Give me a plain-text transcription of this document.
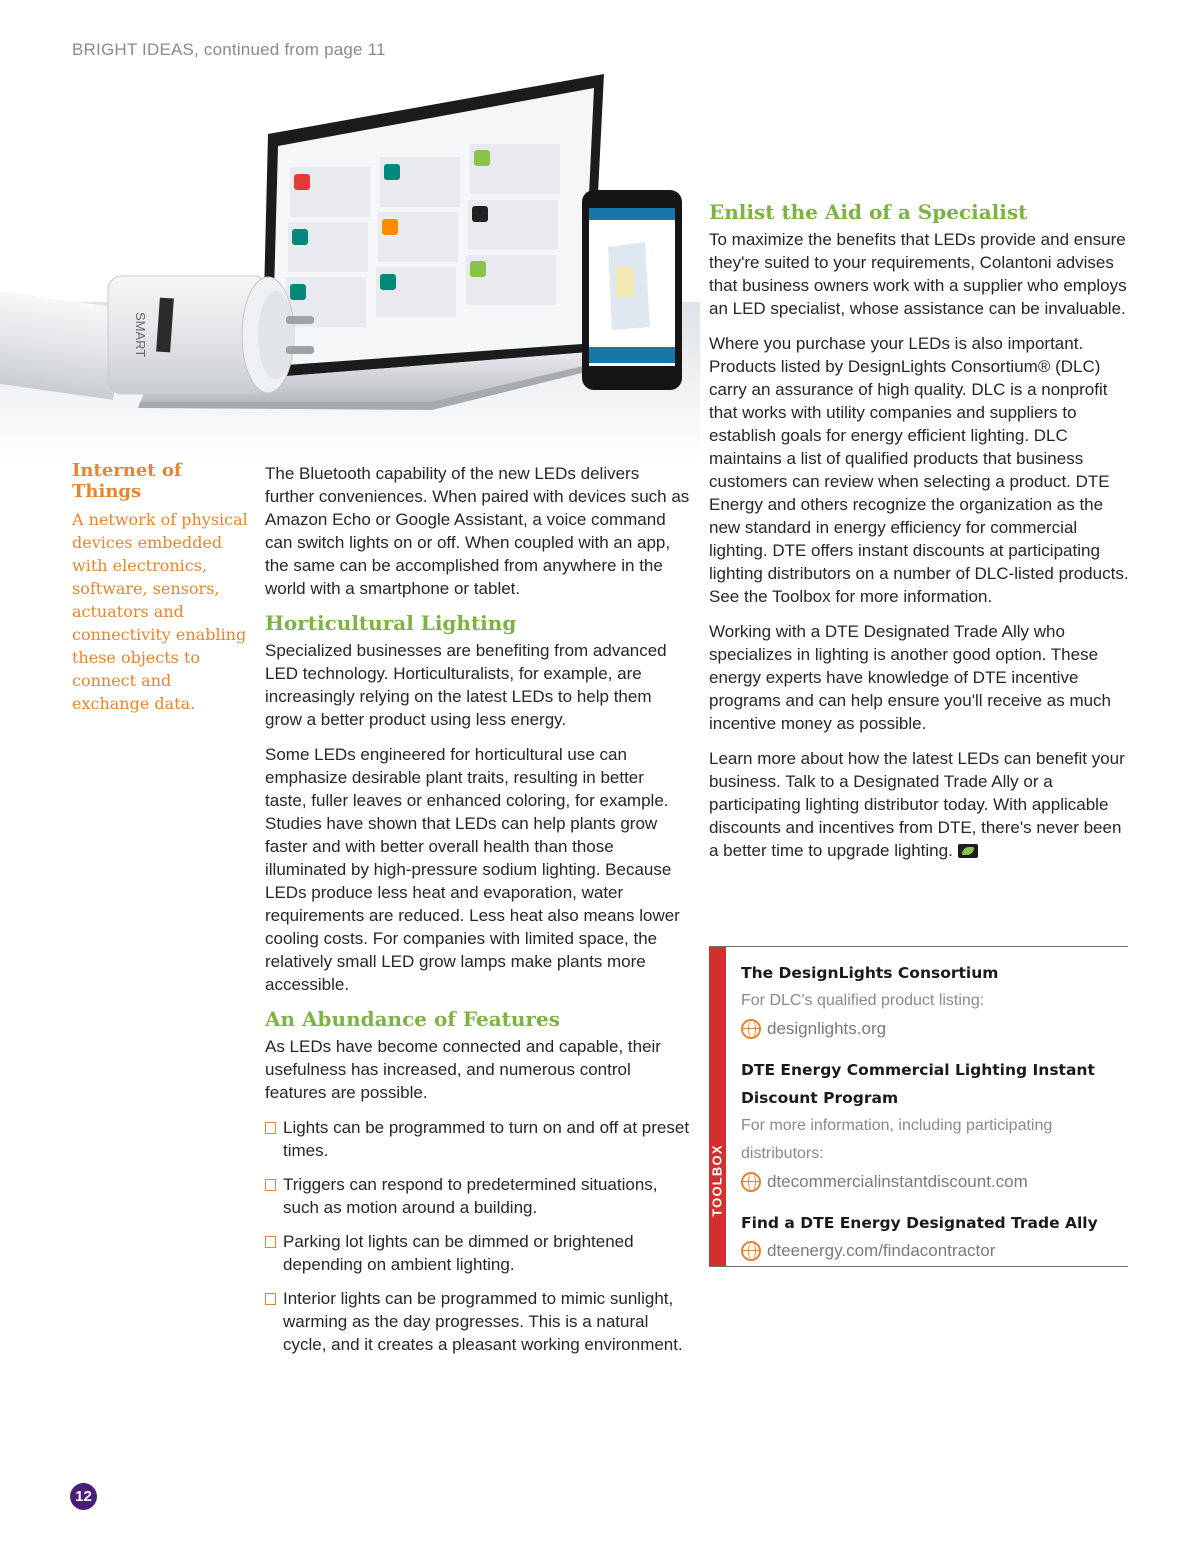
BRIGHT IDEAS, continued from page 11
SMART
Internet of Things

A network of physical devices embedded with electronics, software, sensors, actuators and connectivity enabling these objects to connect and exchange data.

The Bluetooth capability of the new LEDs delivers further conveniences. When paired with devices such as Amazon Echo or Google Assistant, a voice command can switch lights on or off. When coupled with an app, the same can be accomplished from anywhere in the world with a smartphone or tablet.

Horticultural Lighting

Specialized businesses are benefiting from advanced LED technology. Horticulturalists, for example, are increasingly relying on the latest LEDs to help them grow a better product using less energy.

Some LEDs engineered for horticultural use can emphasize desirable plant traits, resulting in better taste, fuller leaves or enhanced coloring, for example. Studies have shown that LEDs can help plants grow faster and with better overall health than those illuminated by high-pressure sodium lighting. Because LEDs produce less heat and evaporation, water requirements are reduced. Less heat also means lower cooling costs. For companies with limited space, the relatively small LED grow lamps make plants more accessible.

An Abundance of Features

As LEDs have become connected and capable, their usefulness has increased, and numerous control features are possible.

Lights can be programmed to turn on and off at preset times.
Triggers can respond to predetermined situations, such as motion around a building.
Parking lot lights can be dimmed or brightened depending on ambient lighting.
Interior lights can be programmed to mimic sunlight, warming as the day progresses. This is a natural cycle, and it creates a pleasant working environment.
Enlist the Aid of a Specialist

To maximize the benefits that LEDs provide and ensure they're suited to your requirements, Colantoni advises that business owners work with a supplier who employs an LED specialist, whose assistance can be invaluable.

Where you purchase your LEDs is also important. Products listed by DesignLights Consortium® (DLC) carry an assurance of high quality. DLC is a nonprofit that works with utility companies and suppliers to establish goals for energy efficient lighting. DLC maintains a list of qualified products that business customers can review when selecting a product. DTE Energy and others recognize the organization as the new standard in energy efficiency for commercial lighting. DTE offers instant discounts at participating lighting distributors on a number of DLC-listed products. See the Toolbox for more information.

Working with a DTE Designated Trade Ally who specializes in lighting is another good option. These energy experts have knowledge of DTE incentive programs and can help ensure you'll receive as much incentive money as possible.

Learn more about how the latest LEDs can benefit your business. Talk to a Designated Trade Ally or a participating lighting distributor today. With applicable discounts and incentives from DTE, there's never been a better time to upgrade lighting.

TOOLBOX
The DesignLights Consortium
For DLC's qualified product listing:
designlights.org
DTE Energy Commercial Lighting Instant Discount Program
For more information, including participating distributors:
dtecommercialinstantdiscount.com
Find a DTE Energy Designated Trade Ally
dteenergy.com/findacontractor
12
